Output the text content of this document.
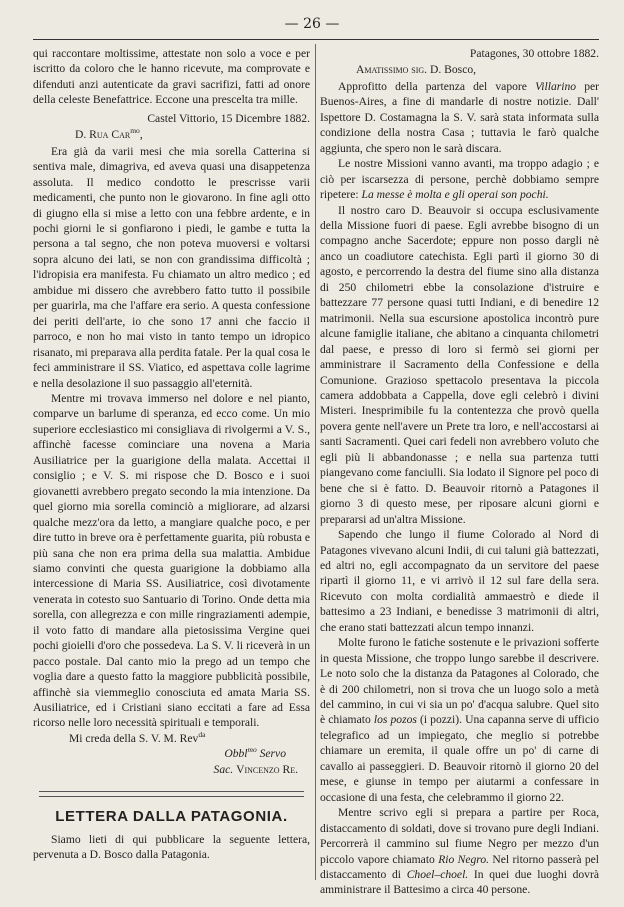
— 26 —

qui raccontare moltissime, attestate non solo a voce e per iscritto da coloro che le hanno ricevute, ma comprovate e difenduti anzi autenticate da gravi sacrifizi, fatti ad onore della celeste Benefattrice. Eccone una prescelta tra mille.

Castel Vittorio, 15 Dicembre 1882.

D. Rua Car$^{mo}$,

Era già da varii mesi che mia sorella Catterina si sentiva male, dimagriva, ed aveva quasi una disappetenza assoluta. Il medico condotto le prescrisse varii medicamenti, che punto non le giovarono. In fine agli otto di giugno ella si mise a letto con una febbre ardente, e in pochi giorni le si gonfiarono i piedi, le gambe e tutta la persona a tal segno, che non poteva muoversi e voltarsi sopra alcuno dei lati, se non con grandissima difficoltà ; l'idropisia era manifesta. Fu chiamato un altro medico ; ed ambidue mi dissero che avrebbero fatto tutto il possibile per guarirla, ma che l'affare era serio. A questa confessione dei periti dell'arte, io che sono 17 anni che faccio il parroco, e non ho mai visto in tanto tempo un idropico risanato, mi preparava alla perdita fatale. Per la qual cosa le feci amministrare il SS. Viatico, ed aspettava colle lagrime e nella desolazione il suo passaggio all'eternità.

Mentre mi trovava immerso nel dolore e nel pianto, comparve un barlume di speranza, ed ecco come. Un mio superiore ecclesiastico mi consigliava di rivolgermi a V. S., affinchè facesse cominciare una novena a Maria Ausiliatrice per la guarigione della malata. Accettai il consiglio ; e V. S. mi rispose che D. Bosco e i suoi giovanetti avrebbero pregato secondo la mia intenzione. Da quel giorno mia sorella cominciò a migliorare, ad alzarsi qualche mezz'ora da letto, a mangiare qualche poco, e per dire tutto in breve ora è perfettamente guarita, più robusta e più sana che non era prima della sua malattia. Ambidue siamo convinti che questa guarigione la dobbiamo alla intercessione di Maria SS. Ausiliatrice, così divotamente venerata in cotesto suo Santuario di Torino. Onde detta mia sorella, con allegrezza e con mille ringraziamenti adempie, il voto fatto di mandare alla pietosissima Vergine quei pochi gioielli d'oro che possedeva. La S. V. li riceverà in un pacco postale. Dal canto mio la prego ad un tempo che voglia dare a questo fatto la maggiore pubblicità possibile, affinchè sia viemmeglio conosciuta ed amata Maria SS. Ausiliatrice, ed i Cristiani siano eccitati a fare ad Essa ricorso nelle loro necessità spirituali e temporali.

Mi creda della S. V. M. Rev$^{da}$

Obbl$^{mo}$ Servo

Sac. Vincenzo Re.

LETTERA DALLA PATAGONIA.

Siamo lieti di qui pubblicare la seguente lettera, pervenuta a D. Bosco dalla Patagonia.

Patagones, 30 ottobre 1882.

Amatissimo sig. D. Bosco,

Approfitto della partenza del vapore Villarino per Buenos-Aires, a fine di mandarle di nostre notizie. Dall' Ispettore D. Costamagna la S. V. sarà stata informata sulla condizione della nostra Casa ; tuttavia le farò qualche aggiunta, che spero non le sarà discara.

Le nostre Missioni vanno avanti, ma troppo adagio ; e ciò per iscarsezza di persone, perchè dobbiamo sempre ripetere: La messe è molta e gli operai son pochi.

Il nostro caro D. Beauvoir si occupa esclusivamente della Missione fuori di paese. Egli avrebbe bisogno di un compagno anche Sacerdote; eppure non posso dargli nè anco un coadiutore catechista. Egli partì il giorno 30 di agosto, e percorrendo la destra del fiume sino alla distanza di 250 chilometri ebbe la consolazione d'istruire e battezzare 77 persone quasi tutti Indiani, e di benedire 12 matrimonii. Nella sua escursione apostolica incontrò pure alcune famiglie italiane, che abitano a cinquanta chilometri dal paese, e presso di loro si fermò sei giorni per amministrare il Sacramento della Confessione e della Comunione. Grazioso spettacolo presentava la piccola camera addobbata a Cappella, dove egli celebrò i divini Misteri. Inesprimibile fu la contentezza che provò quella povera gente nell'avere un Prete tra loro, e nell'accostarsi ai santi Sacramenti. Quei cari fedeli non avrebbero voluto che egli più li abbandonasse ; e nella sua partenza tutti piangevano come fanciulli. Sia lodato il Signore pel poco di bene che si è fatto. D. Beauvoir ritornò a Patagones il giorno 3 di questo mese, per riposare alcuni giorni e prepararsi ad un'altra Missione.

Sapendo che lungo il fiume Colorado al Nord di Patagones vivevano alcuni Indii, di cui taluni già battezzati, ed altri no, egli accompagnato da un servitore del paese ripartì il giorno 11, e vi arrivò il 12 sul fare della sera. Ricevuto con molta cordialità ammaestrò e diede il battesimo a 23 Indiani, e benedisse 3 matrimonii di altri, che erano stati battezzati alcun tempo innanzi.

Molte furono le fatiche sostenute e le privazioni sofferte in questa Missione, che troppo lungo sarebbe il descrivere. Le noto solo che la distanza da Patagones al Colorado, che è di 200 chilometri, non si trova che un luogo solo a metà del cammino, in cui vi sia un po' d'acqua salubre. Quel sito è chiamato los pozos (i pozzi). Una capanna serve di ufficio telegrafico ad un impiegato, che meglio si potrebbe chiamare un eremita, il quale offre un po' di carne di cavallo ai passeggieri. D. Beauvoir ritornò il giorno 20 del mese, e giunse in tempo per aiutarmi a confessare in occasione di una festa, che celebrammo il giorno 22.

Mentre scrivo egli si prepara a partire per Roca, distaccamento di soldati, dove si trovano pure degli Indiani. Percorrerà il cammino sul fiume Negro per mezzo d'un piccolo vapore chiamato Rio Negro. Nel ritorno passerà pel distaccamento di Choel–choel. In quei due luoghi dovrà amministrare il Battesimo a circa 40 persone.
